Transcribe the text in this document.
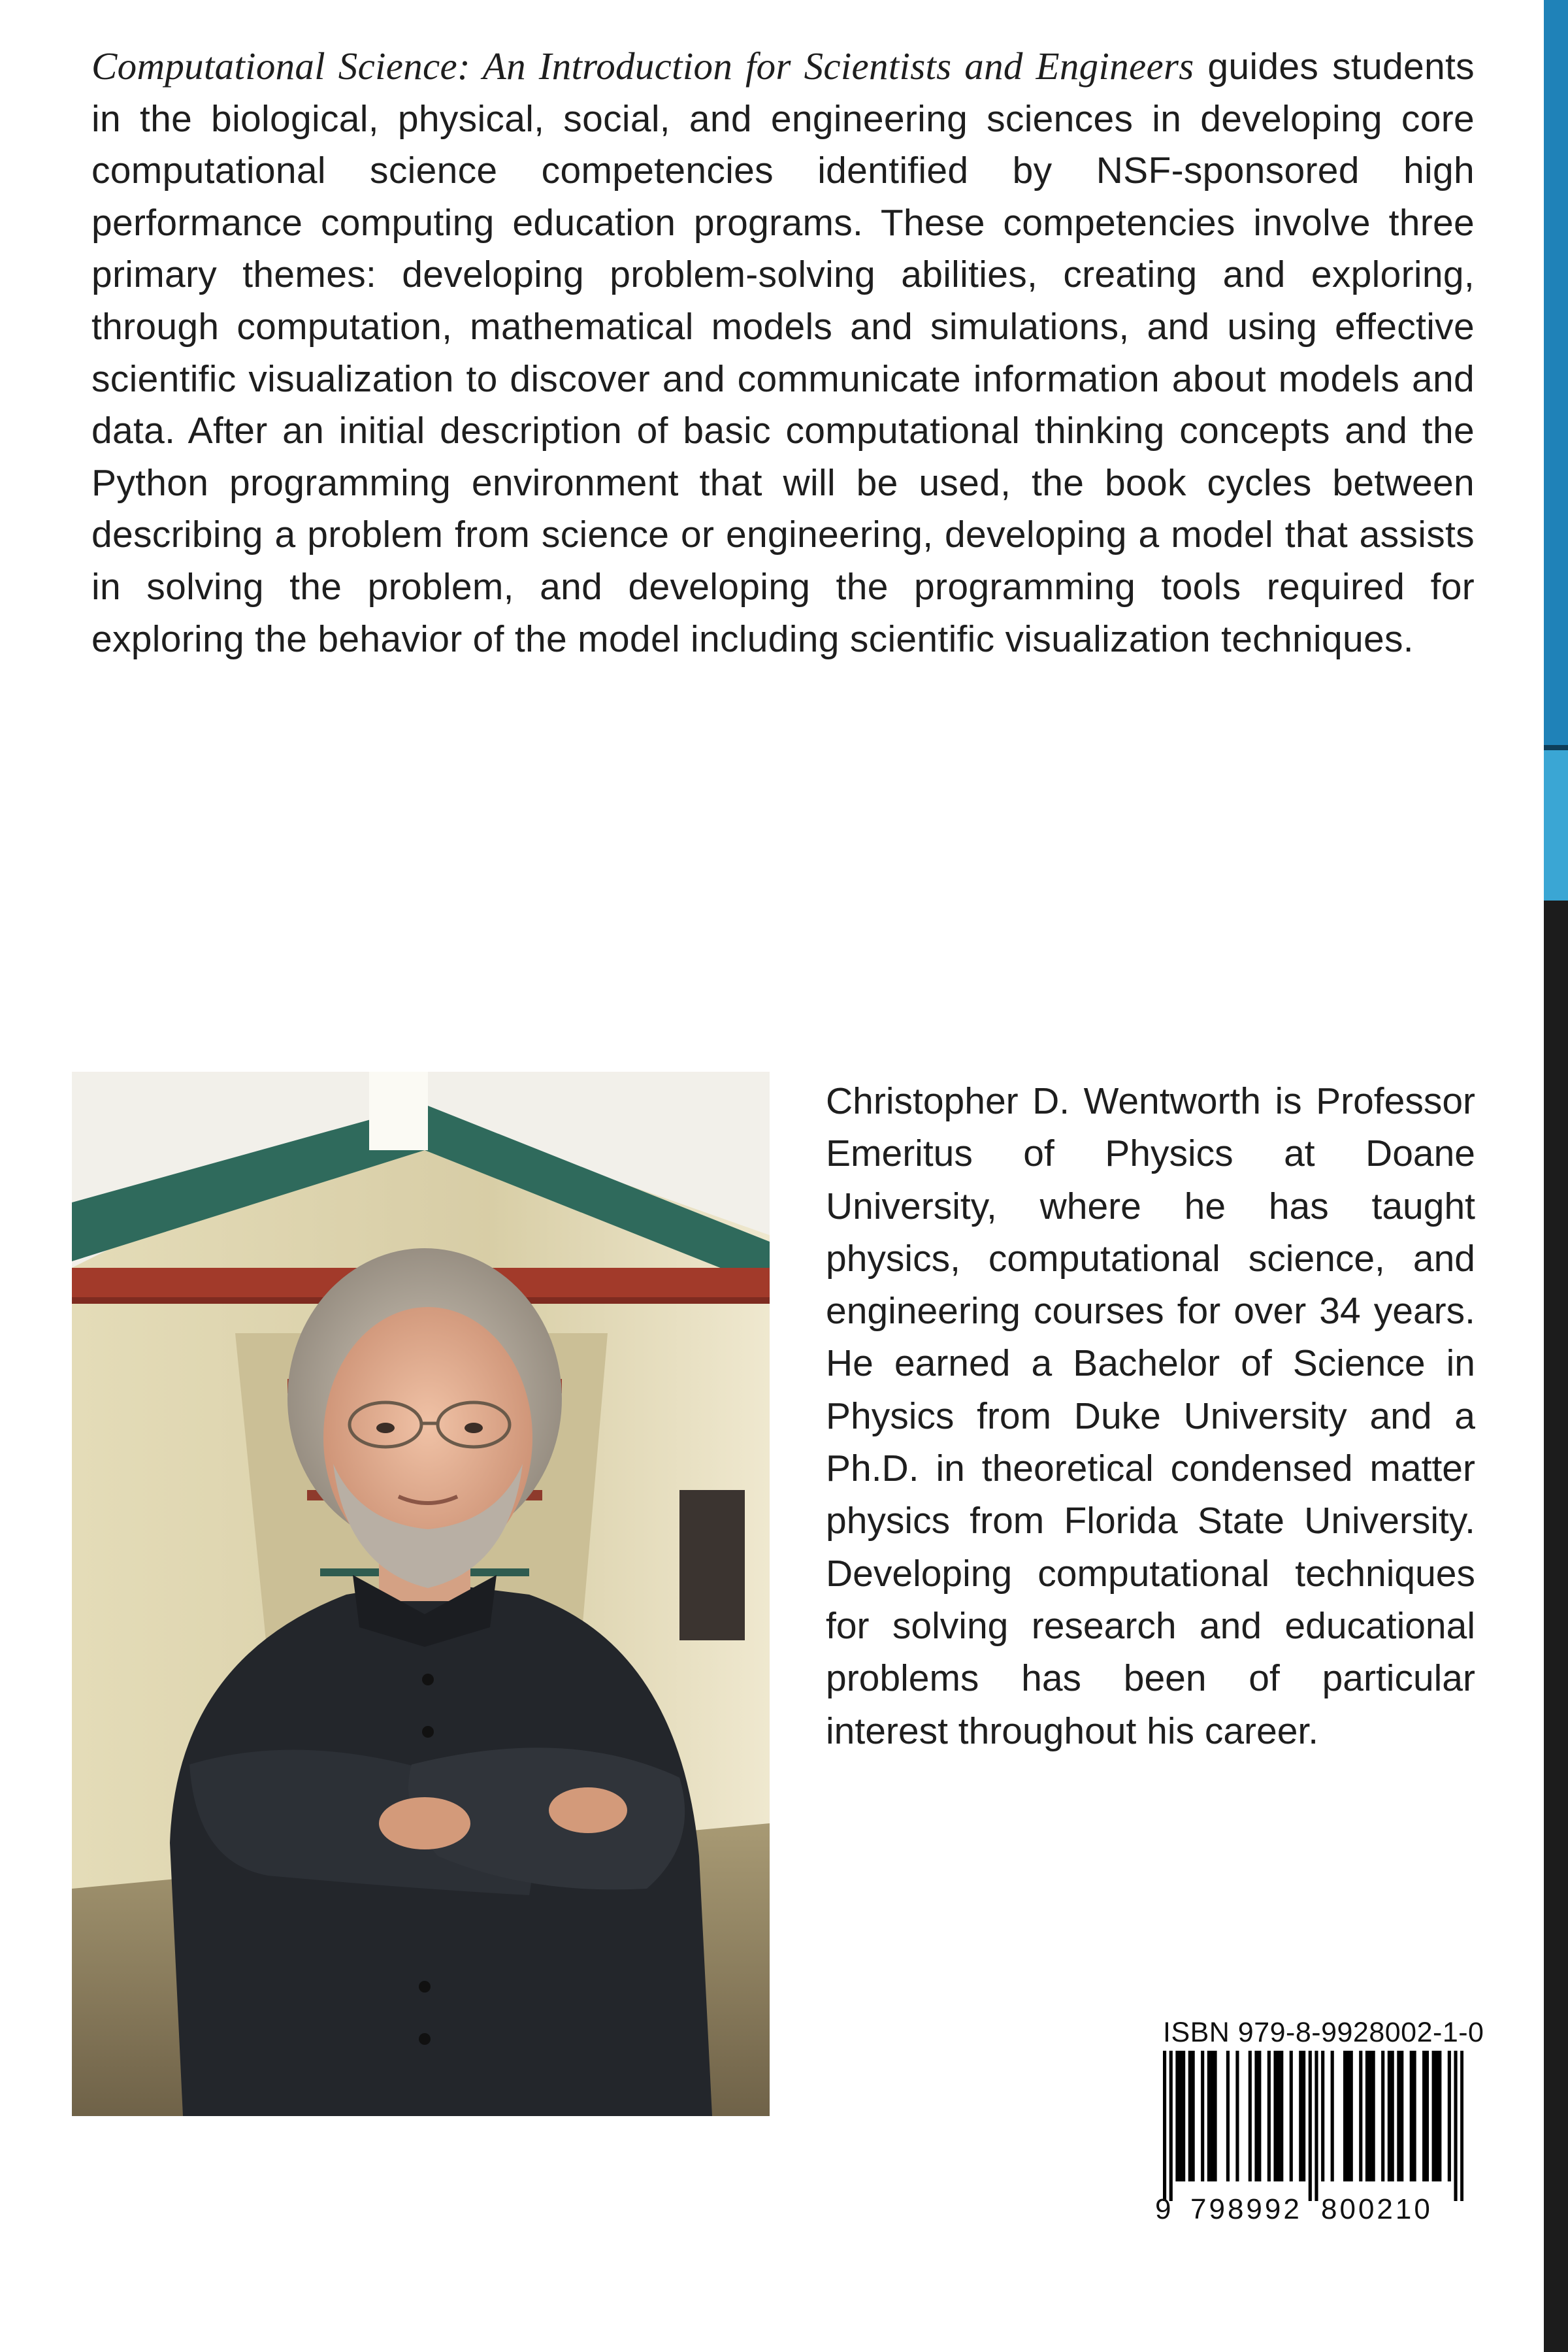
Computational Science: An Introduction for Scientists and Engineers guides students in the biological, physical, social, and engineering sciences in developing core computational science competencies identified by NSF-sponsored high performance computing education programs. These competencies involve three primary themes: developing problem-solving abilities, creating and exploring, through computation, mathematical models and simulations, and using effective scientific visualization to discover and communicate information about models and data. After an initial description of basic computational thinking concepts and the Python programming environment that will be used, the book cycles between describing a problem from science or engineering, developing a model that assists in solving the problem, and developing the programming tools required for exploring the behavior of the model including scientific visualization techniques.

Christopher D. Wentworth is Professor Emeritus of Physics at Doane University, where he has taught physics, computational science, and engineering courses for over 34 years. He earned a Bachelor of Science in Physics from Duke University and a Ph.D. in theoretical condensed matter physics from Florida State University. Developing computational techniques for solving research and educational problems has been of particular interest throughout his career.

ISBN 979-8-9928002-1-0

9 798992 800210
